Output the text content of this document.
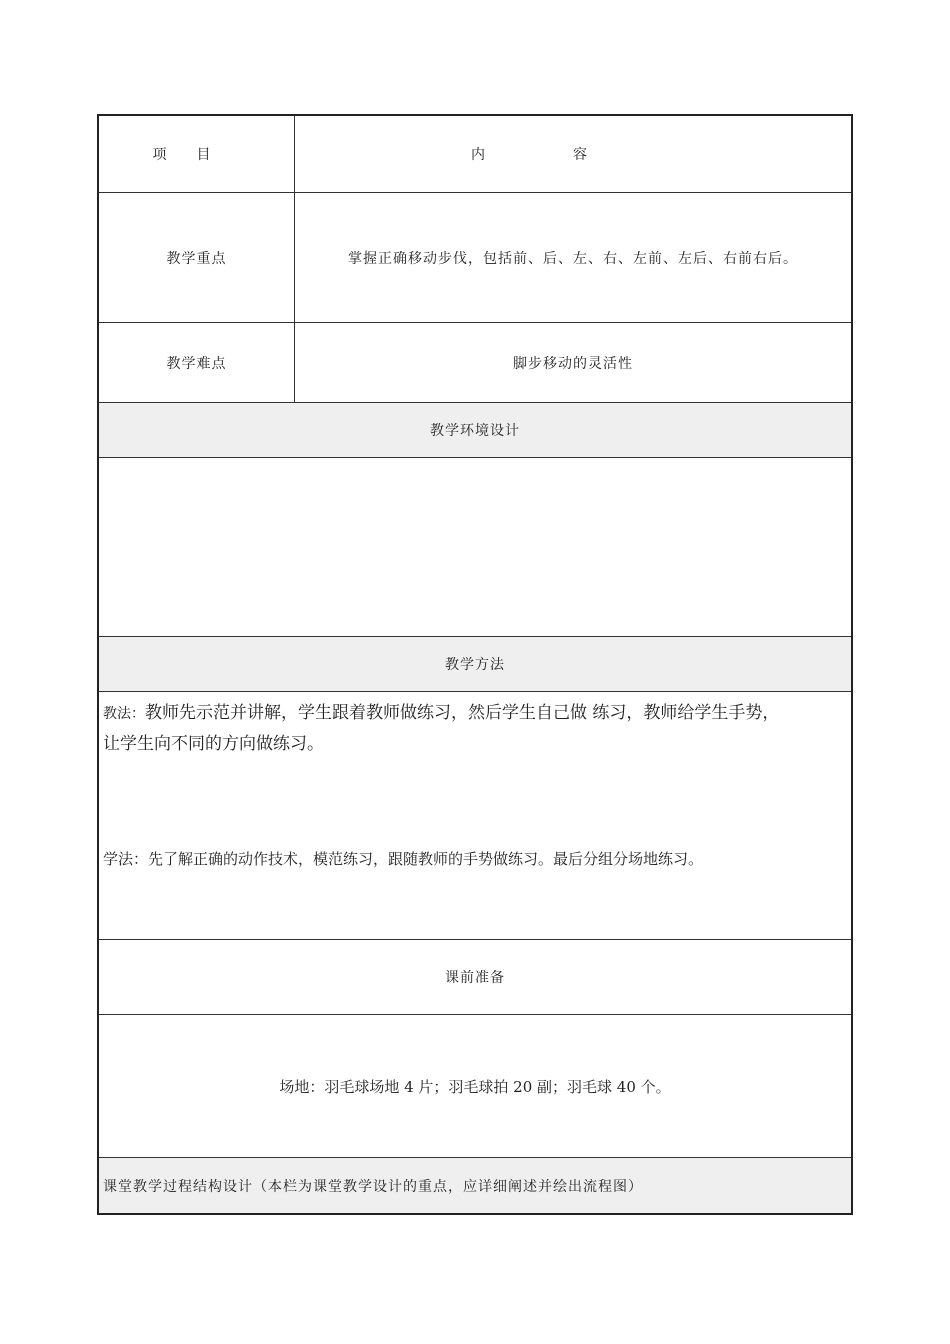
项目	内容
教学重点	掌握正确移动步伐，包括前、后、左、右、左前、左后、右前右后。
教学难点	脚步移动的灵活性
教学环境设计
教学方法
教法：教师先示范并讲解，学生跟着教师做练习，然后学生自己做 练习，教师给学生手势，
让学生向不同的方向做练习。
学法：先了解正确的动作技术，模范练习，跟随教师的手势做练习。最后分组分场地练习。
课前准备
场地：羽毛球场地 4 片；羽毛球拍 20 副；羽毛球 40 个。
课堂教学过程结构设计（本栏为课堂教学设计的重点，应详细阐述并绘出流程图）
